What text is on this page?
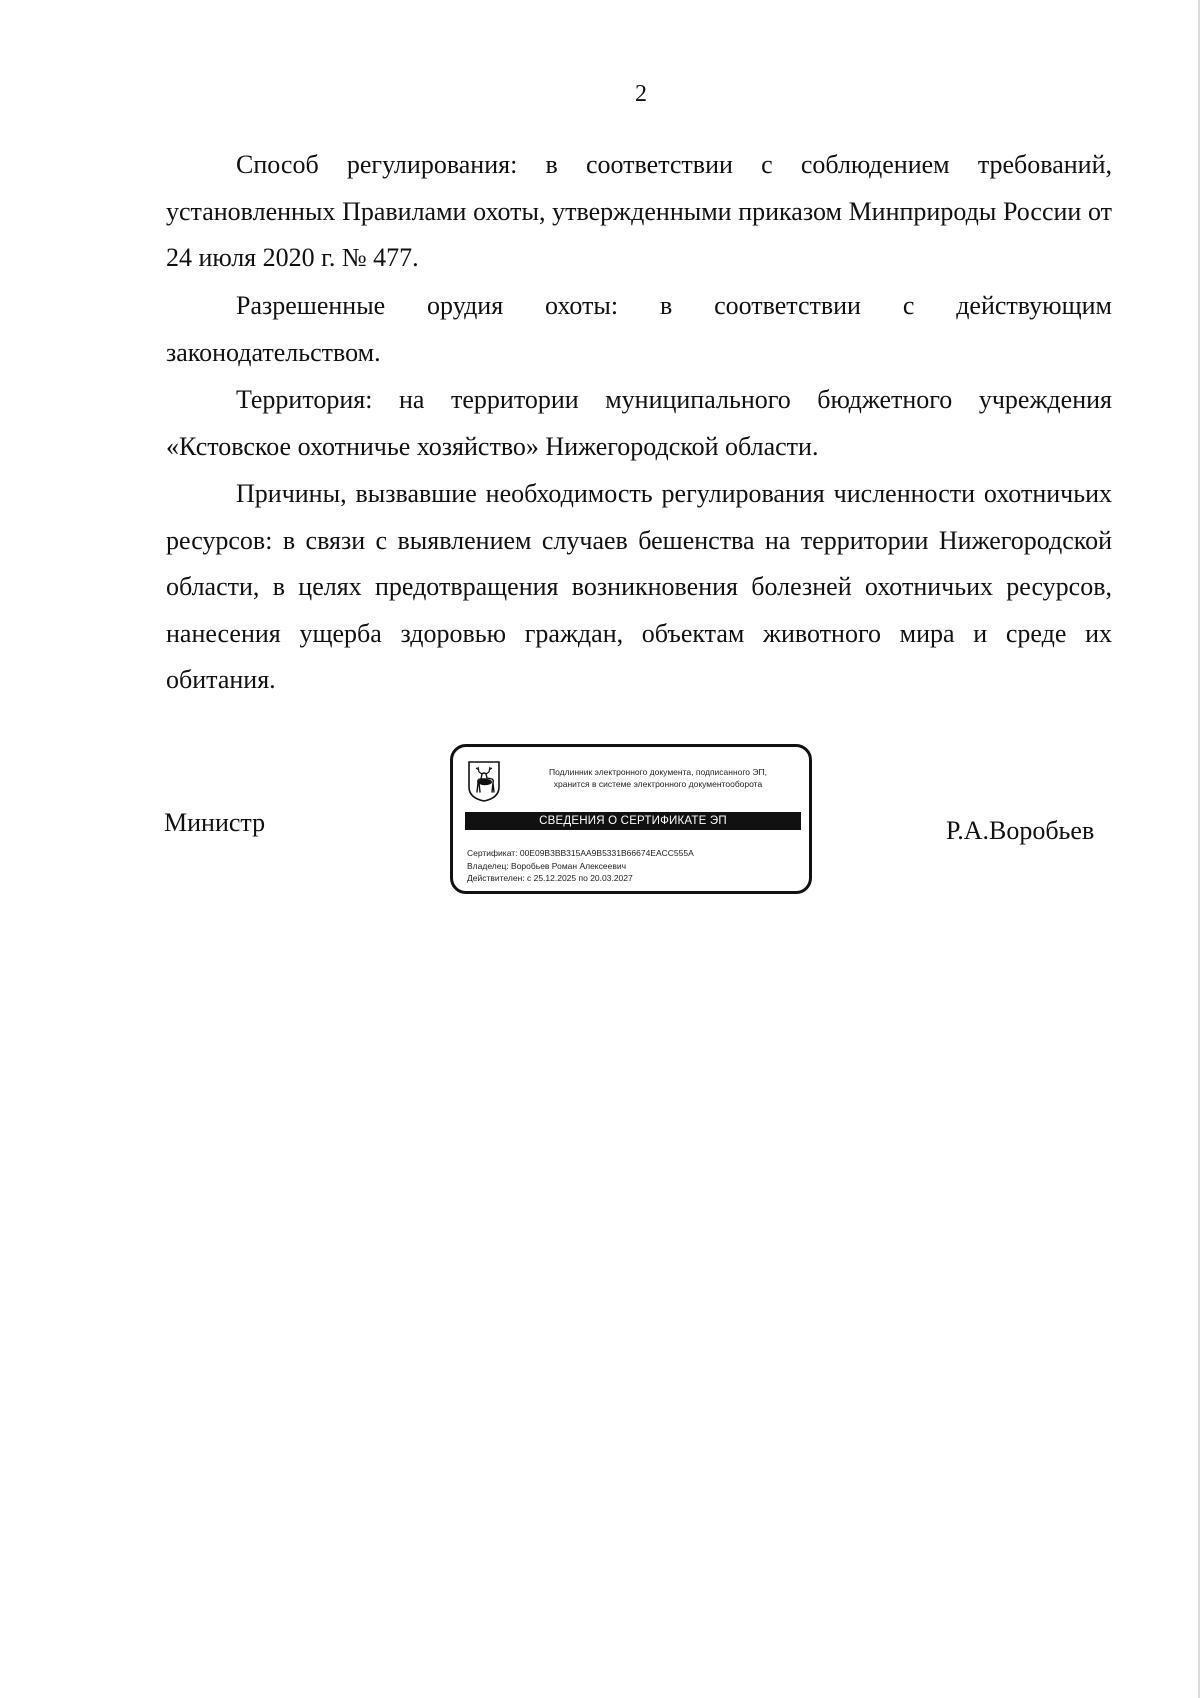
2

Способ регулирования: в соответствии с соблюдением требований, установленных Правилами охоты, утвержденными приказом Минприроды России от 24 июля 2020 г. № 477.

Разрешенные орудия охоты: в соответствии с действующим законодательством.

Территория: на территории муниципального бюджетного учреждения «Кстовское охотничье хозяйство» Нижегородской области.

Причины, вызвавшие необходимость регулирования численности охотничьих ресурсов: в связи с выявлением случаев бешенства на территории Нижегородской области, в целях предотвращения возникновения болезней охотничьих ресурсов, нанесения ущерба здоровью граждан, объектам животного мира и среде их обитания.

Министр	Р.А.Воробьев
Подлинник электронного документа, подписанного ЭП,
хранится в системе электронного документооборота
СВЕДЕНИЯ О СЕРТИФИКАТЕ ЭП
Сертификат: 00E09B3BB315AA9B5331B66674EACC555A
Владелец: Воробьев Роман Алексеевич
Действителен: с 25.12.2025 по 20.03.2027
